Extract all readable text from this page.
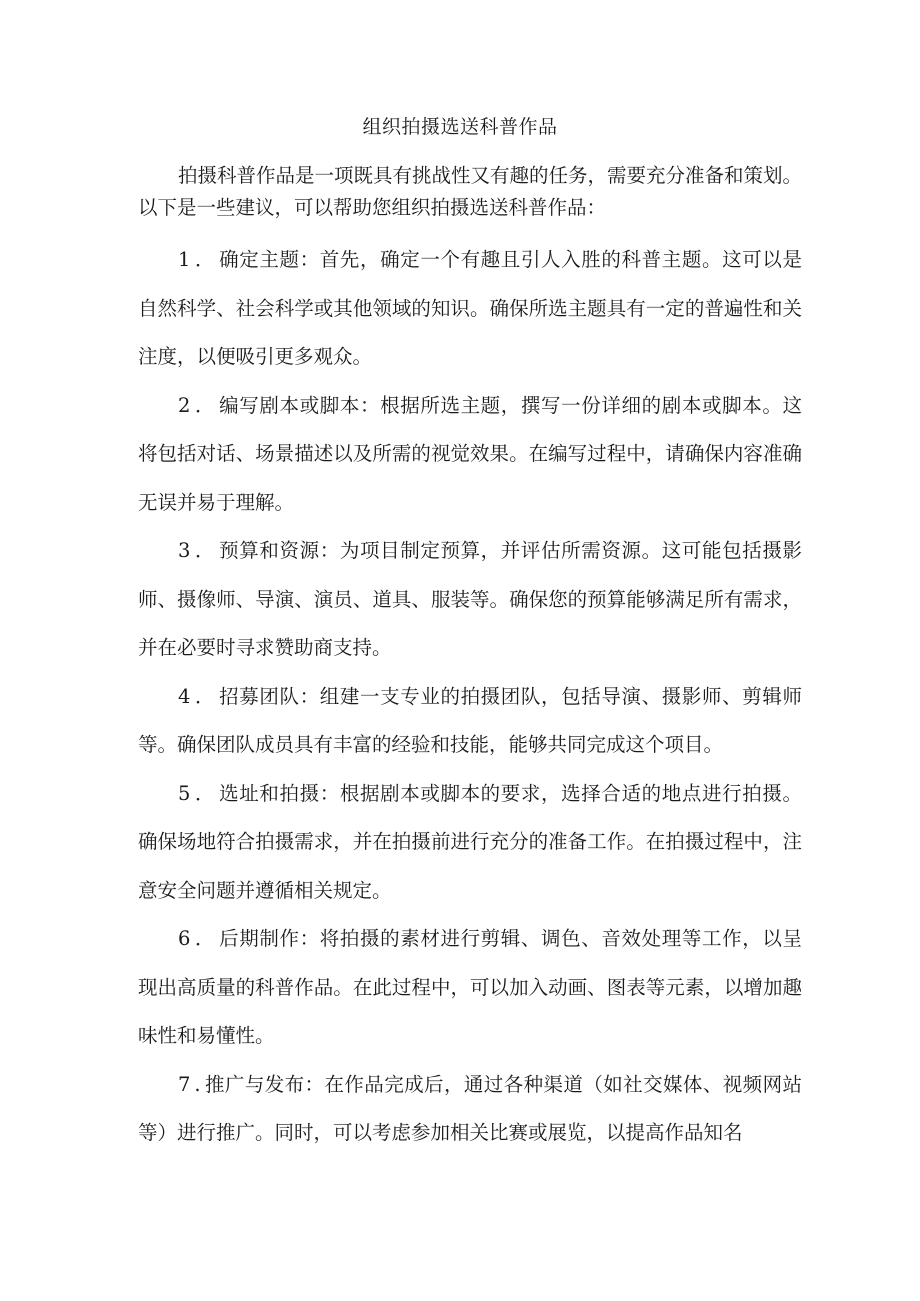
组织拍摄选送科普作品

拍摄科普作品是一项既具有挑战性又有趣的任务，需要充分准备和策划。以下是一些建议，可以帮助您组织拍摄选送科普作品：

1．确定主题：首先，确定一个有趣且引人入胜的科普主题。这可以是自然科学、社会科学或其他领域的知识。确保所选主题具有一定的普遍性和关注度，以便吸引更多观众。

2．编写剧本或脚本：根据所选主题，撰写一份详细的剧本或脚本。这将包括对话、场景描述以及所需的视觉效果。在编写过程中，请确保内容准确无误并易于理解。

3．预算和资源：为项目制定预算，并评估所需资源。这可能包括摄影师、摄像师、导演、演员、道具、服装等。确保您的预算能够满足所有需求，并在必要时寻求赞助商支持。

4．招募团队：组建一支专业的拍摄团队，包括导演、摄影师、剪辑师等。确保团队成员具有丰富的经验和技能，能够共同完成这个项目。

5．选址和拍摄：根据剧本或脚本的要求，选择合适的地点进行拍摄。确保场地符合拍摄需求，并在拍摄前进行充分的准备工作。在拍摄过程中，注意安全问题并遵循相关规定。

6．后期制作：将拍摄的素材进行剪辑、调色、音效处理等工作，以呈现出高质量的科普作品。在此过程中，可以加入动画、图表等元素，以增加趣味性和易懂性。

7.推广与发布：在作品完成后，通过各种渠道（如社交媒体、视频网站等）进行推广。同时，可以考虑参加相关比赛或展览，以提高作品知名
